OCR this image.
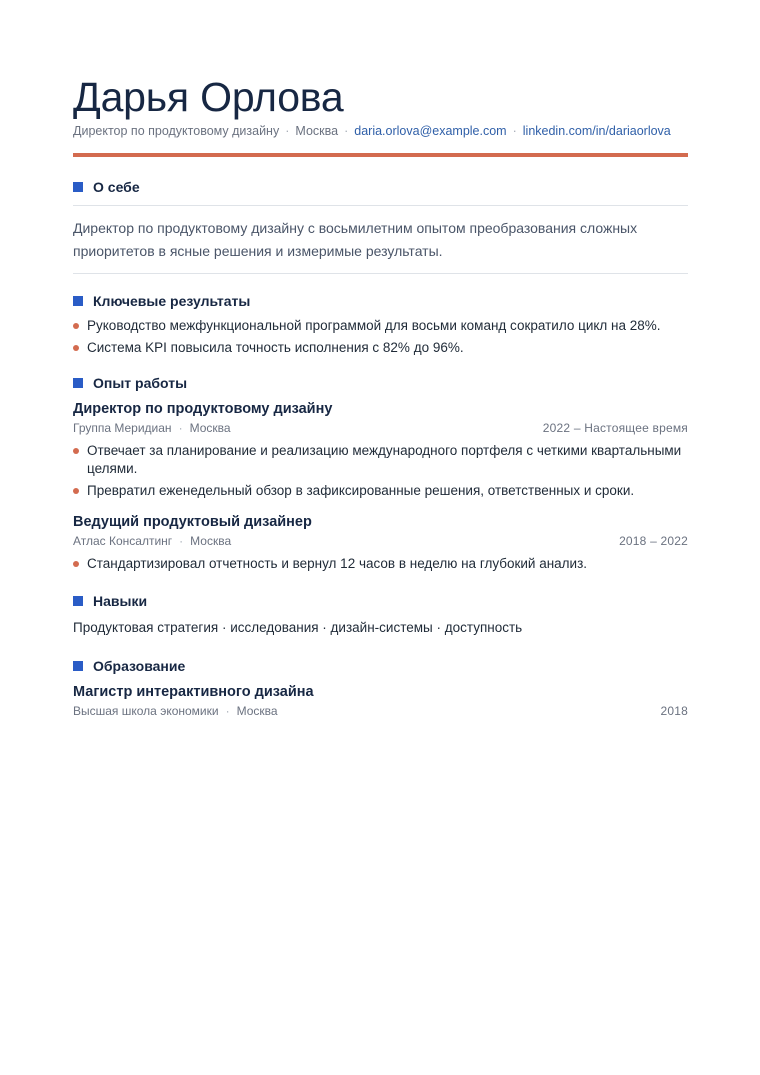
Дарья Орлова
Директор по продуктовому дизайну · Москва · daria.orlova@example.com · linkedin.com/in/dariaorlova
О себе
Директор по продуктовому дизайну с восьмилетним опытом преобразования сложных приоритетов в ясные решения и измеримые результаты.
Ключевые результаты
Руководство межфункциональной программой для восьми команд сократило цикл на 28%.
Система KPI повысила точность исполнения с 82% до 96%.
Опыт работы
Директор по продуктовому дизайну
Группа Меридиан · Москва	2022 – Настоящее время
Отвечает за планирование и реализацию международного портфеля с четкими квартальными целями.
Превратил еженедельный обзор в зафиксированные решения, ответственных и сроки.
Ведущий продуктовый дизайнер
Атлас Консалтинг · Москва	2018 – 2022
Стандартизировал отчетность и вернул 12 часов в неделю на глубокий анализ.
Навыки
Продуктовая стратегия · исследования · дизайн-системы · доступность
Образование
Магистр интерактивного дизайна
Высшая школа экономики · Москва	2018
